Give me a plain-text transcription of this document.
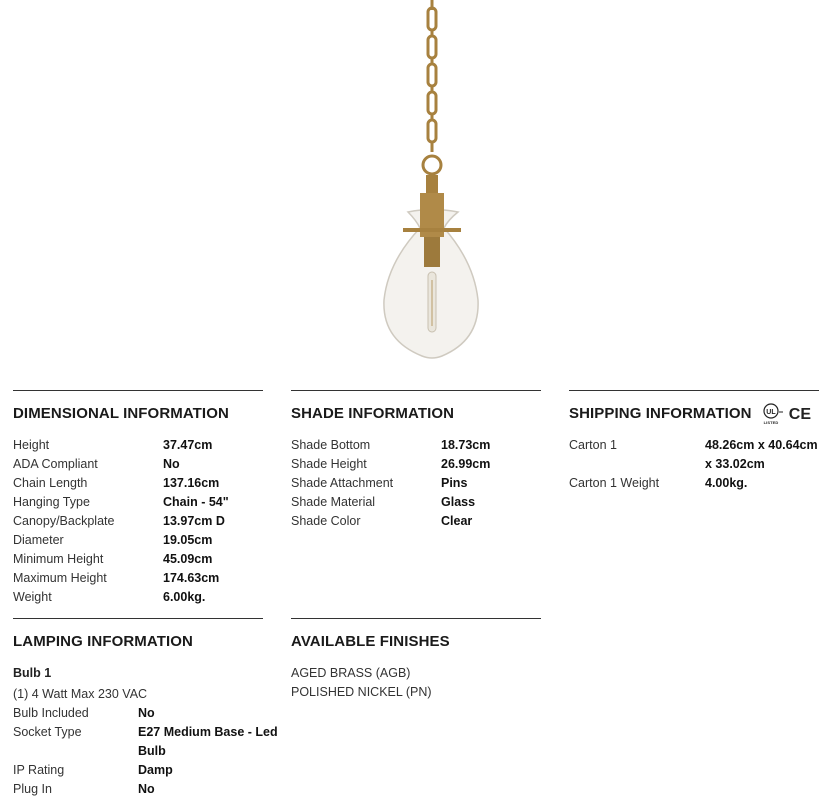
DIMENSIONAL INFORMATION
Height	37.47cm
ADA Compliant	No
Chain Length	137.16cm
Hanging Type	Chain - 54"
Canopy/Backplate	13.97cm D
Diameter	19.05cm
Minimum Height	45.09cm
Maximum Height	174.63cm
Weight	6.00kg.
SHADE INFORMATION
Shade Bottom	18.73cm
Shade Height	26.99cm
Shade Attachment	Pins
Shade Material	Glass
Shade Color	Clear
SHIPPING INFORMATION UL
LISTED CE
Carton 1	48.26cm x 40.64cm x 33.02cm
Carton 1 Weight	4.00kg.
LAMPING INFORMATION
Bulb 1
(1) 4 Watt Max 230 VAC
Bulb Included	No
Socket Type	E27 Medium Base - Led Bulb
IP Rating	Damp
Plug In	No
AVAILABLE FINISHES
AGED BRASS (AGB)
POLISHED NICKEL (PN)
